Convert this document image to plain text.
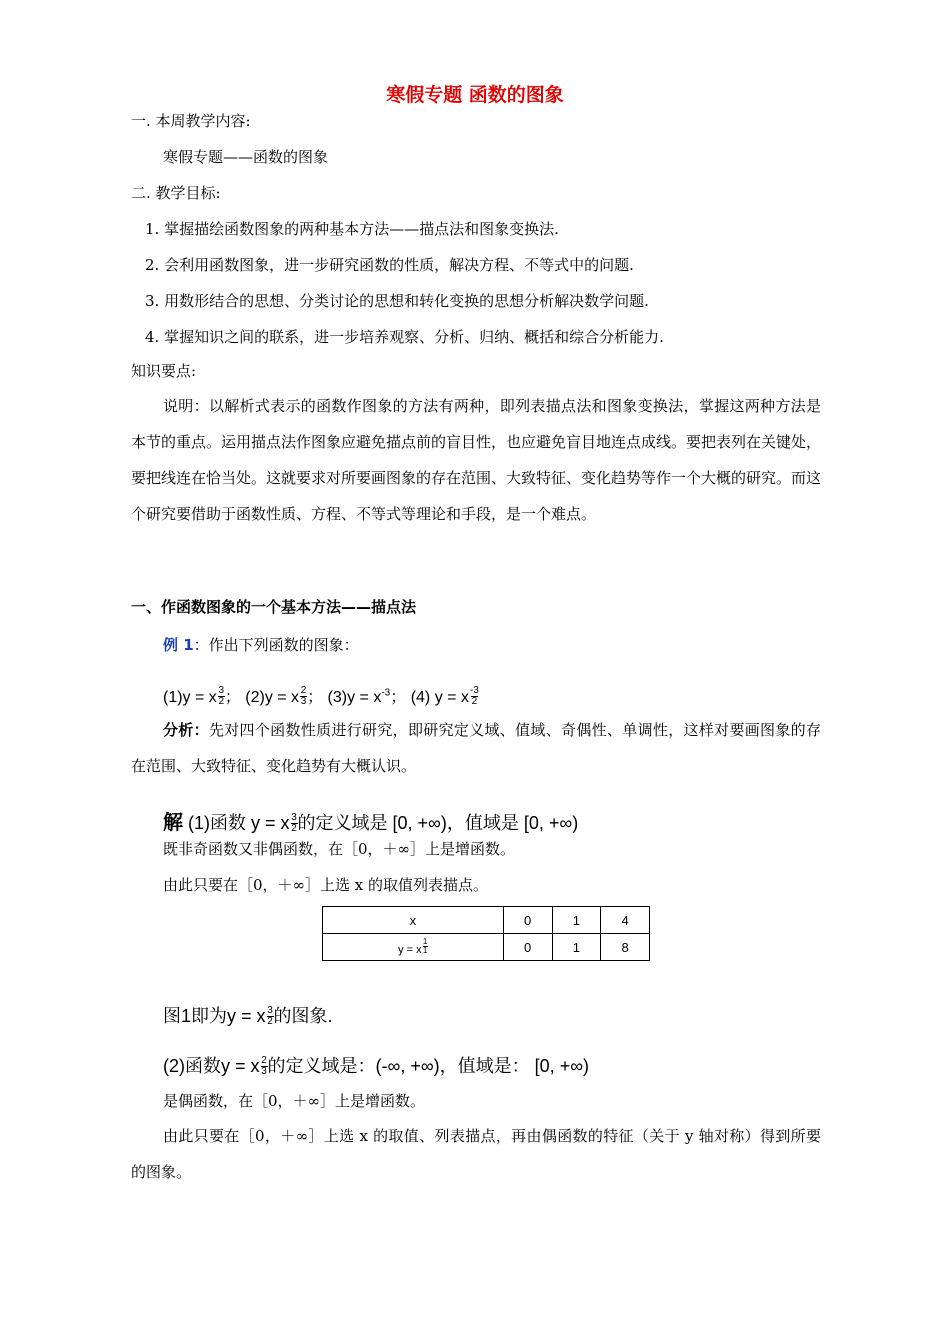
寒假专题 函数的图象
一. 本周教学内容:
寒假专题——函数的图象
二. 教学目标:
1. 掌握描绘函数图象的两种基本方法——描点法和图象变换法.
2. 会利用函数图象，进一步研究函数的性质，解决方程、不等式中的问题.
3. 用数形结合的思想、分类讨论的思想和转化变换的思想分析解决数学问题.
4. 掌握知识之间的联系，进一步培养观察、分析、归纳、概括和综合分析能力.
知识要点:
说明：以解析式表示的函数作图象的方法有两种，即列表描点法和图象变换法，掌握这两种方法是本节的重点。运用描点法作图象应避免描点前的盲目性，也应避免盲目地连点成线。要把表列在关键处，要把线连在恰当处。这就要求对所要画图象的存在范围、大致特征、变化趋势等作一个大概的研究。而这个研究要借助于函数性质、方程、不等式等理论和手段，是一个难点。
一、作函数图象的一个基本方法——描点法
例 1：作出下列函数的图象：
(1)y = x $^{\frac{3}{2}}$ ； (2)y = x $^{\frac{2}{3}}$ ； $(3)y = x^{-3}$； (4) y = x $^{\frac{-3}{2}}$
分析：先对四个函数性质进行研究，即研究定义域、值域、奇偶性、单调性，这样对要画图象的存在范围、大致特征、变化趋势有大概认识。
解 (1)函数 y = x $^{\frac{3}{2}}$ 的定义域是 [0, +∞)，值域是 [0, +∞)
既非奇函数又非偶函数，在［0，＋∞］上是增函数。
由此只要在［0，＋∞］上选 x 的取值列表描点。
x	0	1	4
y = x $^{\frac{1}{1}}$	0	1	8
图1即为y = x $^{\frac{3}{2}}$ 的图象.
(2)函数y = x $^{\frac{2}{3}}$ 的定义域是：(-∞, +∞)，值域是： [0, +∞)
是偶函数，在［0，＋∞］上是增函数。
由此只要在［0，＋∞］上选 x 的取值、列表描点，再由偶函数的特征（关于 y 轴对称）得到所要的图象。
